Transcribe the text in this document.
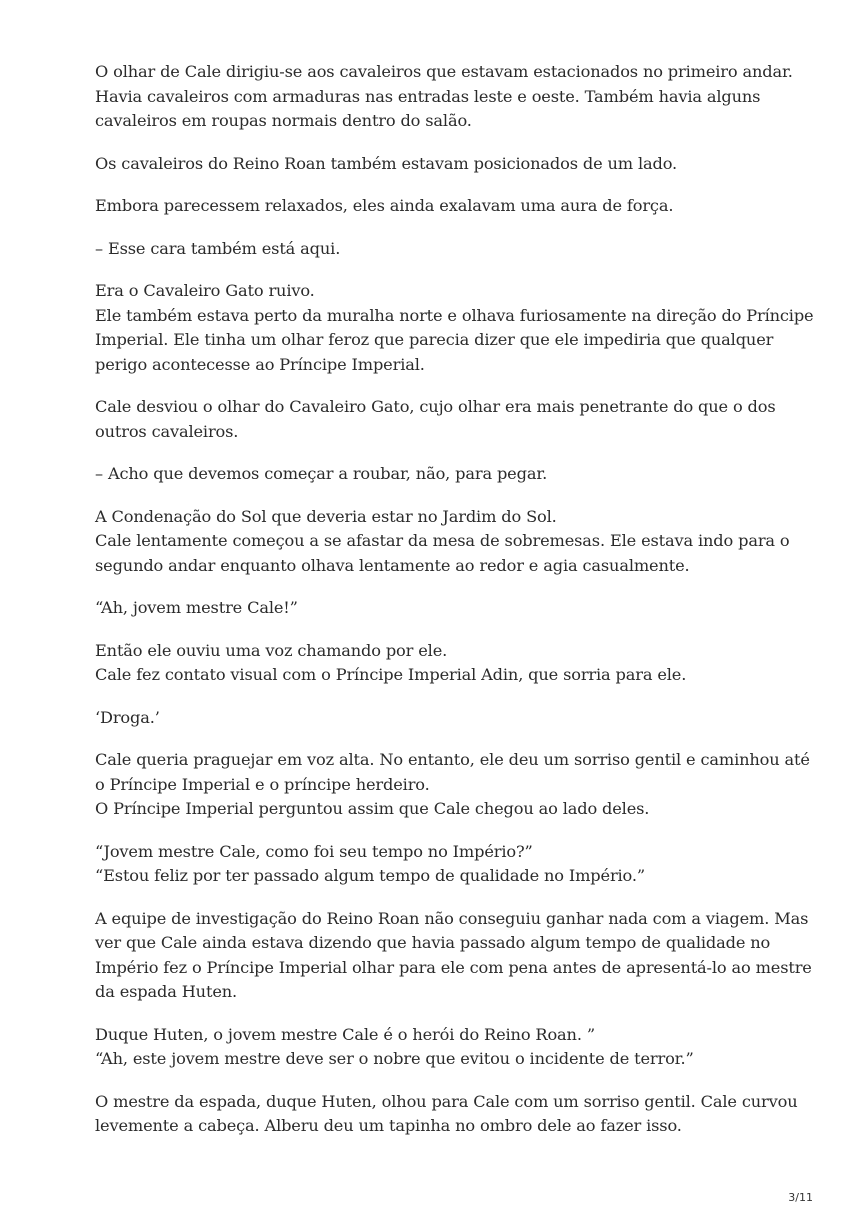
O olhar de Cale dirigiu-se aos cavaleiros que estavam estacionados no primeiro andar.
Havia cavaleiros com armaduras nas entradas leste e oeste. Também havia alguns
cavaleiros em roupas normais dentro do salão.

Os cavaleiros do Reino Roan também estavam posicionados de um lado.

Embora parecessem relaxados, eles ainda exalavam uma aura de força.

– Esse cara também está aqui.

Era o Cavaleiro Gato ruivo.
Ele também estava perto da muralha norte e olhava furiosamente na direção do Príncipe
Imperial. Ele tinha um olhar feroz que parecia dizer que ele impediria que qualquer
perigo acontecesse ao Príncipe Imperial.

Cale desviou o olhar do Cavaleiro Gato, cujo olhar era mais penetrante do que o dos
outros cavaleiros.

– Acho que devemos começar a roubar, não, para pegar.

A Condenação do Sol que deveria estar no Jardim do Sol.
Cale lentamente começou a se afastar da mesa de sobremesas. Ele estava indo para o
segundo andar enquanto olhava lentamente ao redor e agia casualmente.

“Ah, jovem mestre Cale!”

Então ele ouviu uma voz chamando por ele.
Cale fez contato visual com o Príncipe Imperial Adin, que sorria para ele.

‘Droga.’

Cale queria praguejar em voz alta. No entanto, ele deu um sorriso gentil e caminhou até
o Príncipe Imperial e o príncipe herdeiro.
O Príncipe Imperial perguntou assim que Cale chegou ao lado deles.

“Jovem mestre Cale, como foi seu tempo no Império?”
“Estou feliz por ter passado algum tempo de qualidade no Império.”

A equipe de investigação do Reino Roan não conseguiu ganhar nada com a viagem. Mas
ver que Cale ainda estava dizendo que havia passado algum tempo de qualidade no
Império fez o Príncipe Imperial olhar para ele com pena antes de apresentá-lo ao mestre
da espada Huten.

Duque Huten, o jovem mestre Cale é o herói do Reino Roan. ”
“Ah, este jovem mestre deve ser o nobre que evitou o incidente de terror.”

O mestre da espada, duque Huten, olhou para Cale com um sorriso gentil. Cale curvou
levemente a cabeça. Alberu deu um tapinha no ombro dele ao fazer isso.

3/11
